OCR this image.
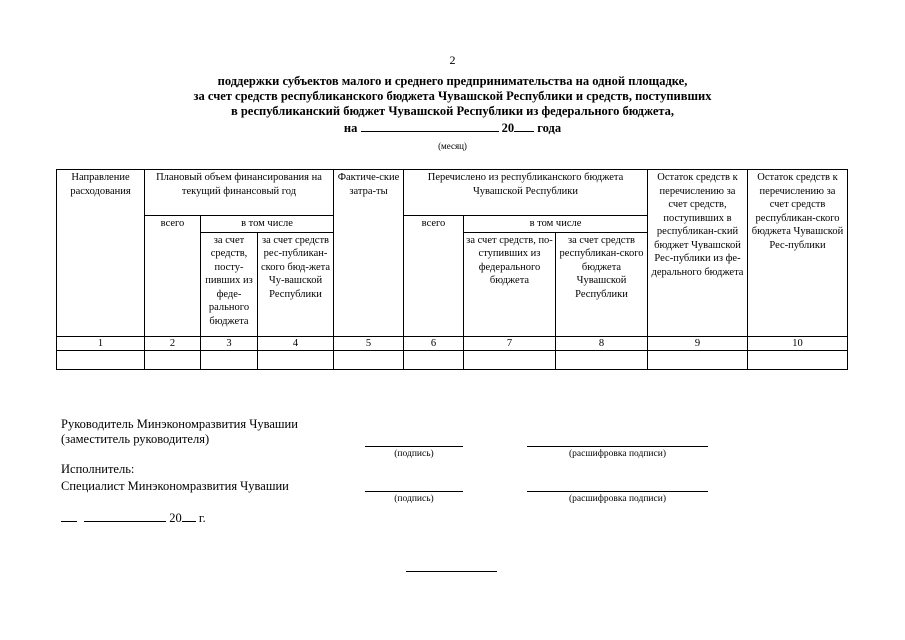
2
поддержки субъектов малого и среднего предпринимательства на одной площадке,
за счет средств республиканского бюджета Чувашской Республики и средств, поступивших
в республиканский бюджет Чувашской Республики из федерального бюджета,
на	20 года
(месяц)
Направление расходования	Плановый объем финансирования на текущий финансовый год			Фактиче-ские затра-ты	Перечислено из республиканского бюджета Чувашской Республики			Остаток средств к перечислению за счет средств, поступивших в республикан-ский бюджет Чувашской Рес-публики из фе-дерального бюджета	Остаток средств к перечислению за счет средств республикан-ского бюджета Чувашской Рес-публики
	всего	в том числе			всего	в том числе			
		за счет средств, посту-пивших из феде-рального бюджета	за счет средств рес-публикан-ского бюд-жета Чу-вашской Республики			за счет средств, по-ступивших из федерального бюджета	за счет средств республикан-ского бюджета Чувашской Республики		
1	2	3	4	5	6	7	8	9	10

Руководитель Минэкономразвития Чувашии
(заместитель руководителя)
(подпись)	(расшифровка подписи)
Исполнитель:
Специалист Минэкономразвития Чувашии
(подпись)	(расшифровка подписи)
20 г.
